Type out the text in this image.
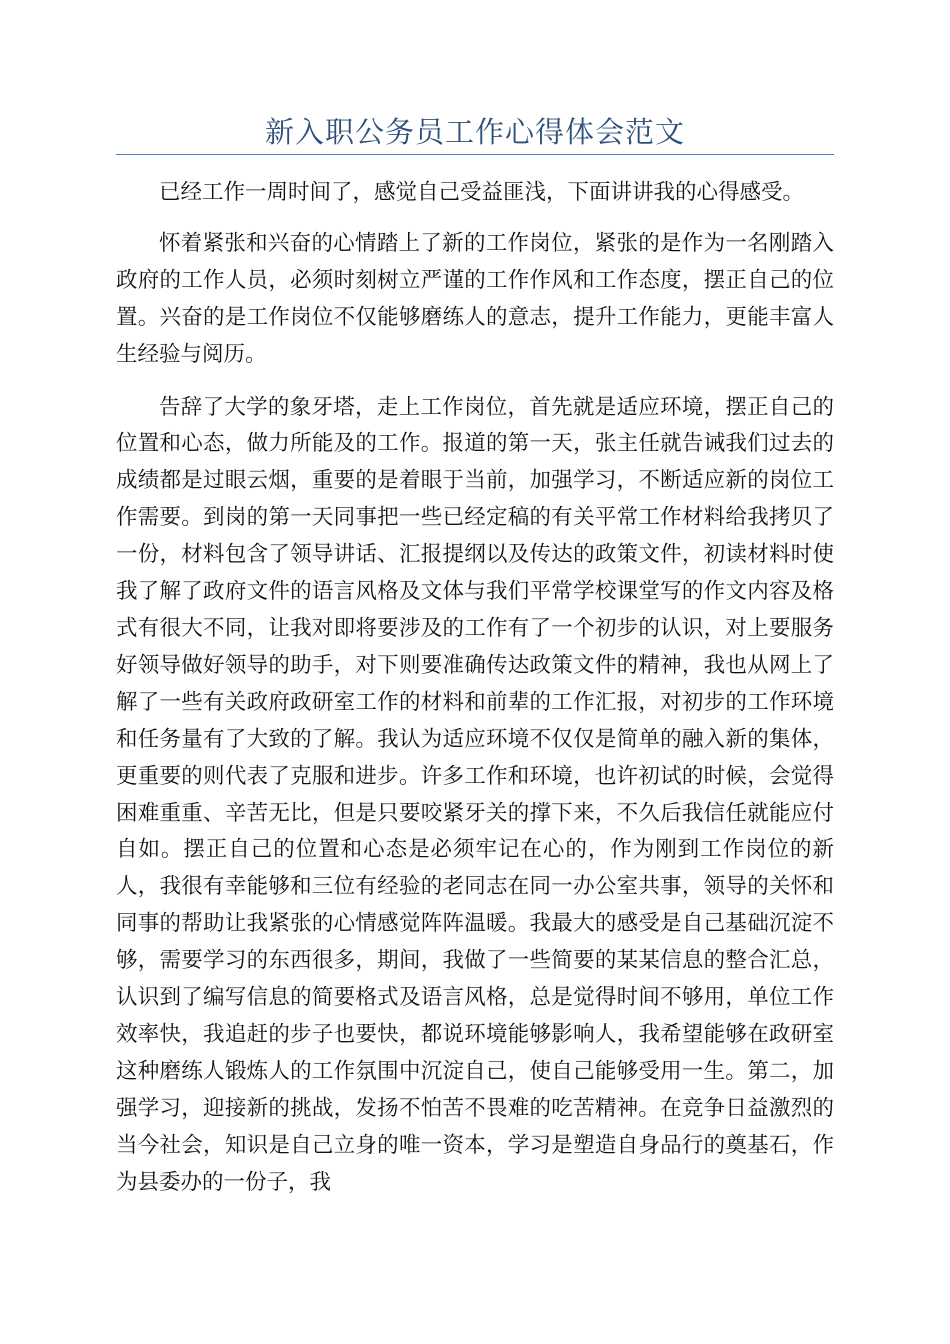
新入职公务员工作心得体会范文

已经工作一周时间了，感觉自己受益匪浅，下面讲讲我的心得感受。

怀着紧张和兴奋的心情踏上了新的工作岗位，紧张的是作为一名刚踏入政府的工作人员，必须时刻树立严谨的工作作风和工作态度，摆正自己的位置。兴奋的是工作岗位不仅能够磨练人的意志，提升工作能力，更能丰富人生经验与阅历。

告辞了大学的象牙塔，走上工作岗位，首先就是适应环境，摆正自己的位置和心态，做力所能及的工作。报道的第一天，张主任就告诫我们过去的成绩都是过眼云烟，重要的是着眼于当前，加强学习，不断适应新的岗位工作需要。到岗的第一天同事把一些已经定稿的有关平常工作材料给我拷贝了一份，材料包含了领导讲话、汇报提纲以及传达的政策文件，初读材料时使我了解了政府文件的语言风格及文体与我们平常学校课堂写的作文内容及格式有很大不同，让我对即将要涉及的工作有了一个初步的认识，对上要服务好领导做好领导的助手，对下则要准确传达政策文件的精神，我也从网上了解了一些有关政府政研室工作的材料和前辈的工作汇报，对初步的工作环境和任务量有了大致的了解。我认为适应环境不仅仅是简单的融入新的集体，更重要的则代表了克服和进步。许多工作和环境，也许初试的时候，会觉得困难重重、辛苦无比，但是只要咬紧牙关的撑下来，不久后我信任就能应付自如。摆正自己的位置和心态是必须牢记在心的，作为刚到工作岗位的新人，我很有幸能够和三位有经验的老同志在同一办公室共事，领导的关怀和同事的帮助让我紧张的心情感觉阵阵温暖。我最大的感受是自己基础沉淀不够，需要学习的东西很多，期间，我做了一些简要的某某信息的整合汇总，认识到了编写信息的简要格式及语言风格，总是觉得时间不够用，单位工作效率快，我追赶的步子也要快，都说环境能够影响人，我希望能够在政研室这种磨练人锻炼人的工作氛围中沉淀自己，使自己能够受用一生。第二，加强学习，迎接新的挑战，发扬不怕苦不畏难的吃苦精神。在竞争日益激烈的当今社会，知识是自己立身的唯一资本，学习是塑造自身品行的奠基石，作为县委办的一份子，我
